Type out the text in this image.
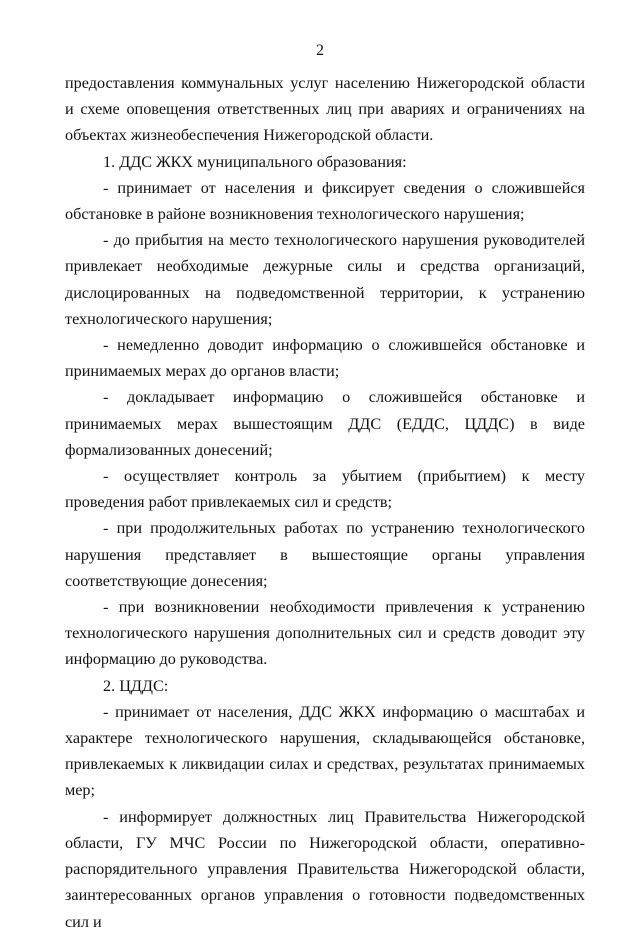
2

предоставления коммунальных услуг населению Нижегородской области и схеме оповещения ответственных лиц при авариях и ограничениях на объектах жизнеобеспечения Нижегородской области.

1. ДДС ЖКХ муниципального образования:

- принимает от населения и фиксирует сведения о сложившейся обстановке в районе возникновения технологического нарушения;

- до прибытия на место технологического нарушения руководителей привлекает необходимые дежурные силы и средства организаций, дислоцированных на подведомственной территории, к устранению технологического нарушения;

- немедленно доводит информацию о сложившейся обстановке и принимаемых мерах до органов власти;

- докладывает информацию о сложившейся обстановке и принимаемых мерах вышестоящим ДДС (ЕДДС, ЦДДС) в виде формализованных донесений;

- осуществляет контроль за убытием (прибытием) к месту проведения работ привлекаемых сил и средств;

- при продолжительных работах по устранению технологического нарушения представляет в вышестоящие органы управления соответствующие донесения;

- при возникновении необходимости привлечения к устранению технологического нарушения дополнительных сил и средств доводит эту информацию до руководства.

2. ЦДДС:

- принимает от населения, ДДС ЖКХ информацию о масштабах и характере технологического нарушения, складывающейся обстановке, привлекаемых к ликвидации силах и средствах, результатах принимаемых мер;

- информирует должностных лиц Правительства Нижегородской области, ГУ МЧС России по Нижегородской области, оперативно-распорядительного управления Правительства Нижегородской области, заинтересованных органов управления о готовности подведомственных сил и
